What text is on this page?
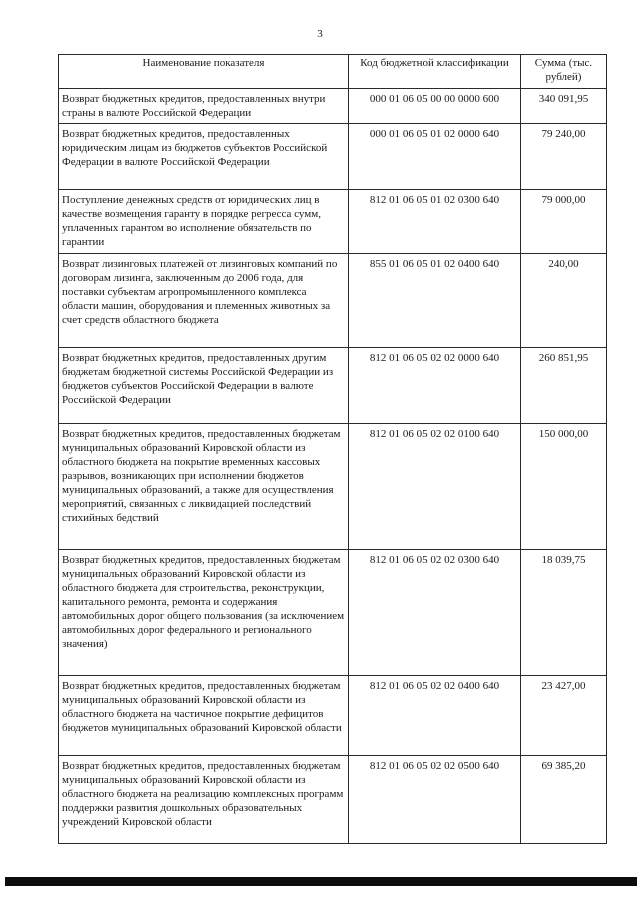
3
Наименование показателя	Код бюджетной классификации	Сумма (тыс. рублей)
Возврат бюджетных кредитов, предоставленных внутри страны в валюте Российской Федерации	000 01 06 05 00 00 0000 600	340 091,95
Возврат бюджетных кредитов, предоставленных юридическим лицам из бюджетов субъектов Российской Федерации в валюте Российской Федерации	000 01 06 05 01 02 0000 640	79 240,00
Поступление денежных средств от юридических лиц в качестве возмещения гаранту в порядке регресса сумм, уплаченных гарантом во исполнение обязательств по гарантии	812 01 06 05 01 02 0300 640	79 000,00
Возврат лизинговых платежей от лизинговых компаний по договорам лизинга, заключенным до 2006 года, для поставки субъектам агропромышленного комплекса области машин, оборудования и племенных животных за счет средств областного бюджета	855 01 06 05 01 02 0400 640	240,00
Возврат бюджетных кредитов, предоставленных другим бюджетам бюджетной системы Российской Федерации из бюджетов субъектов Российской Федерации в валюте Российской Федерации	812 01 06 05 02 02 0000 640	260 851,95
Возврат бюджетных кредитов, предоставленных бюджетам муниципальных образований Кировской области из областного бюджета на покрытие временных кассовых разрывов, возникающих при исполнении бюджетов муниципальных образований, а также для осуществления мероприятий, связанных с ликвидацией последствий стихийных бедствий	812 01 06 05 02 02 0100 640	150 000,00
Возврат бюджетных кредитов, предоставленных бюджетам муниципальных образований Кировской области из областного бюджета для строительства, реконструкции, капитального ремонта, ремонта и содержания автомобильных дорог общего пользования (за исключением автомобильных дорог федерального и регионального значения)	812 01 06 05 02 02 0300 640	18 039,75
Возврат бюджетных кредитов, предоставленных бюджетам муниципальных образований Кировской области из областного бюджета на частичное покрытие дефицитов бюджетов муниципальных образований Кировской области	812 01 06 05 02 02 0400 640	23 427,00
Возврат бюджетных кредитов, предоставленных бюджетам муниципальных образований Кировской области из областного бюджета на реализацию комплексных программ поддержки развития дошкольных образовательных учреждений Кировской области	812 01 06 05 02 02 0500 640	69 385,20
